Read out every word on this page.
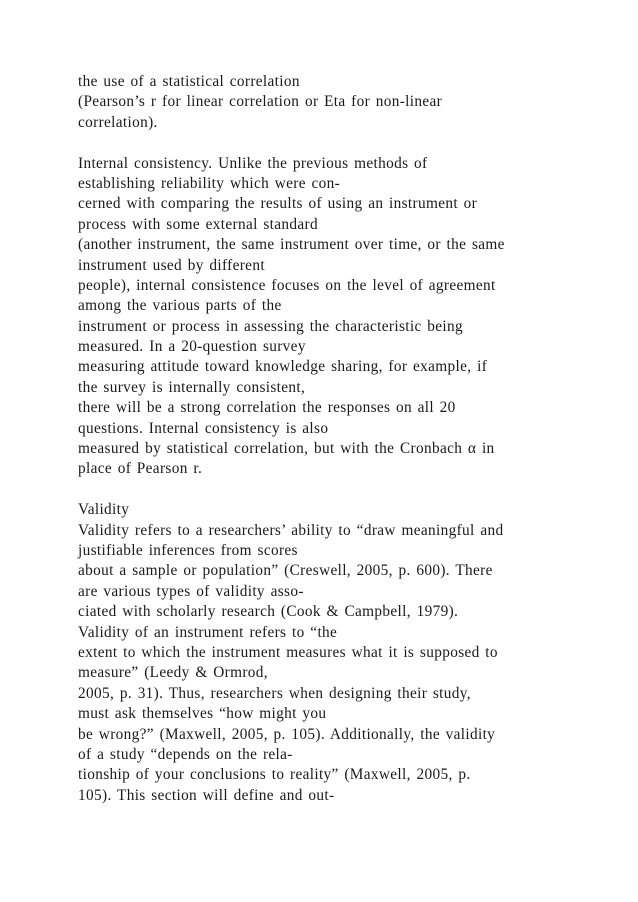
the use of a statistical correlation
(Pearson’s r for linear correlation or Eta for non-linear
correlation).
Internal consistency. Unlike the previous methods of
establishing reliability which were con-
cerned with comparing the results of using an instrument or
process with some external standard
(another instrument, the same instrument over time, or the same
instrument used by different
people), internal consistence focuses on the level of agreement
among the various parts of the
instrument or process in assessing the characteristic being
measured. In a 20-question survey
measuring attitude toward knowledge sharing, for example, if
the survey is internally consistent,
there will be a strong correlation the responses on all 20
questions. Internal consistency is also
measured by statistical correlation, but with the Cronbach α in
place of Pearson r.
Validity
Validity refers to a researchers’ ability to “draw meaningful and
justifiable inferences from scores
about a sample or population” (Creswell, 2005, p. 600). There
are various types of validity asso-
ciated with scholarly research (Cook & Campbell, 1979).
Validity of an instrument refers to “the
extent to which the instrument measures what it is supposed to
measure” (Leedy & Ormrod,
2005, p. 31). Thus, researchers when designing their study,
must ask themselves “how might you
be wrong?” (Maxwell, 2005, p. 105). Additionally, the validity
of a study “depends on the rela-
tionship of your conclusions to reality” (Maxwell, 2005, p.
105). This section will define and out-
